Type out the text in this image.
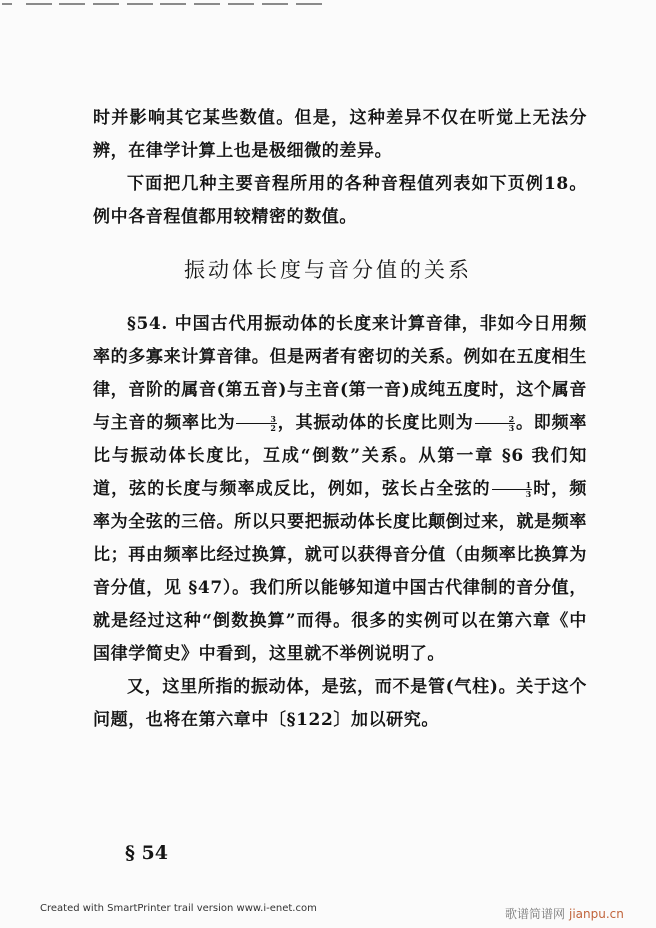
时并影响其它某些数值。但是，这种差异不仅在听觉上无法分辨，在律学计算上也是极细微的差异。

下面把几种主要音程所用的各种音程值列表如下页例18。例中各音程值都用较精密的数值。

振动体长度与音分值的关系

§54. 中国古代用振动体的长度来计算音律，非如今日用频率的多寡来计算音律。但是两者有密切的关系。例如在五度相生律，音阶的属音(第五音)与主音(第一音)成纯五度时，这个属音与主音的频率比为 $\frac{3}{2}$ ，其振动体的长度比则为 $\frac{2}{3}$ 。即频率比与振动体长度比，互成“倒数”关系。从第一章 §6 我们知道，弦的长度与频率成反比，例如，弦长占全弦的 $\frac{1}{3}$ 时，频率为全弦的三倍。所以只要把振动体长度比颠倒过来，就是频率比；再由频率比经过换算，就可以获得音分值（由频率比换算为音分值，见 §47）。我们所以能够知道中国古代律制的音分值，就是经过这种“倒数换算”而得。很多的实例可以在第六章《中国律学简史》中看到，这里就不举例说明了。

又，这里所指的振动体，是弦，而不是管(气柱)。关于这个问题，也将在第六章中〔§122〕加以研究。

§ 54
Created with SmartPrinter trail version www.i-enet.com	歌谱简谱网 jianpu.cn
